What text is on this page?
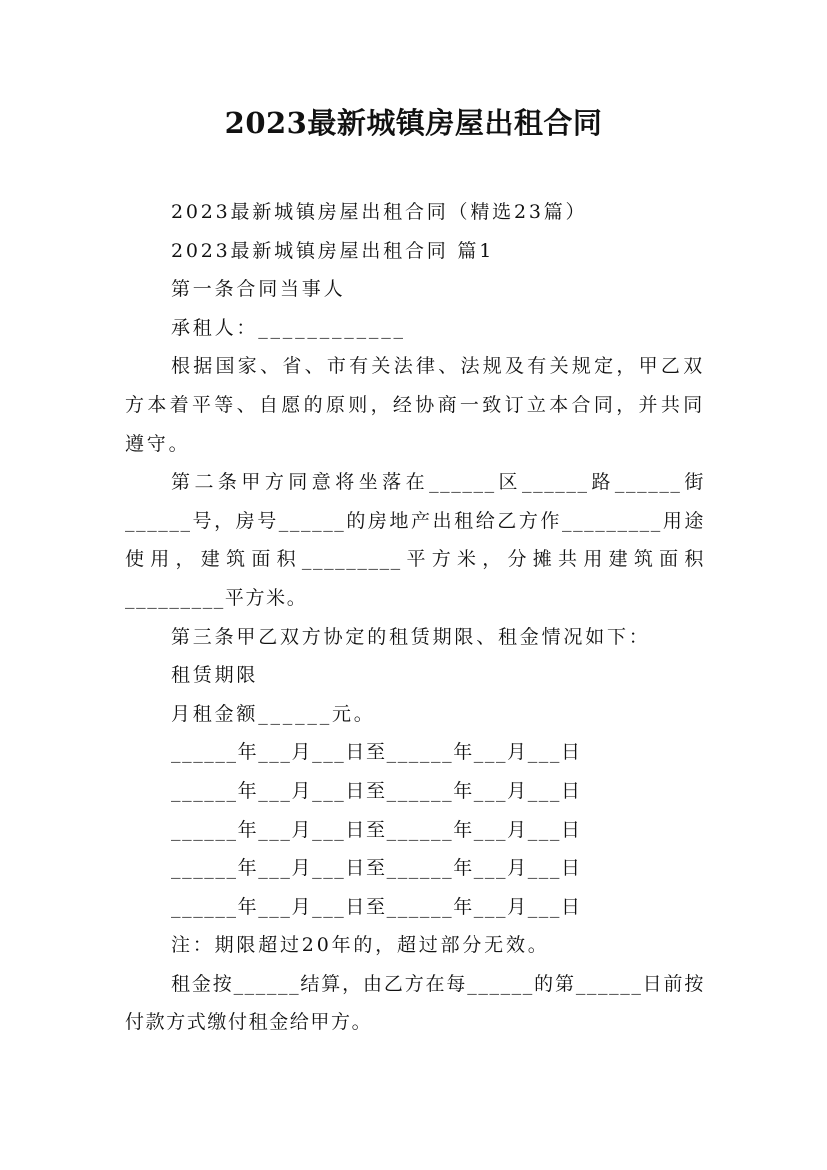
2023最新城镇房屋出租合同

2023最新城镇房屋出租合同（精选23篇）

2023最新城镇房屋出租合同 篇1

第一条合同当事人

承租人：____________

根据国家、省、市有关法律、法规及有关规定，甲乙双方本着平等、自愿的原则，经协商一致订立本合同，并共同遵守。

第二条甲方同意将坐落在______区______路______街______号，房号______的房地产出租给乙方作_________用途使用，建筑面积_________平方米，分摊共用建筑面积_________平方米。

第三条甲乙双方协定的租赁期限、租金情况如下：

租赁期限

月租金额______元。

______年___月___日至______年___月___日

______年___月___日至______年___月___日

______年___月___日至______年___月___日

______年___月___日至______年___月___日

______年___月___日至______年___月___日

注：期限超过20年的，超过部分无效。

租金按______结算，由乙方在每______的第______日前按付款方式缴付租金给甲方。
